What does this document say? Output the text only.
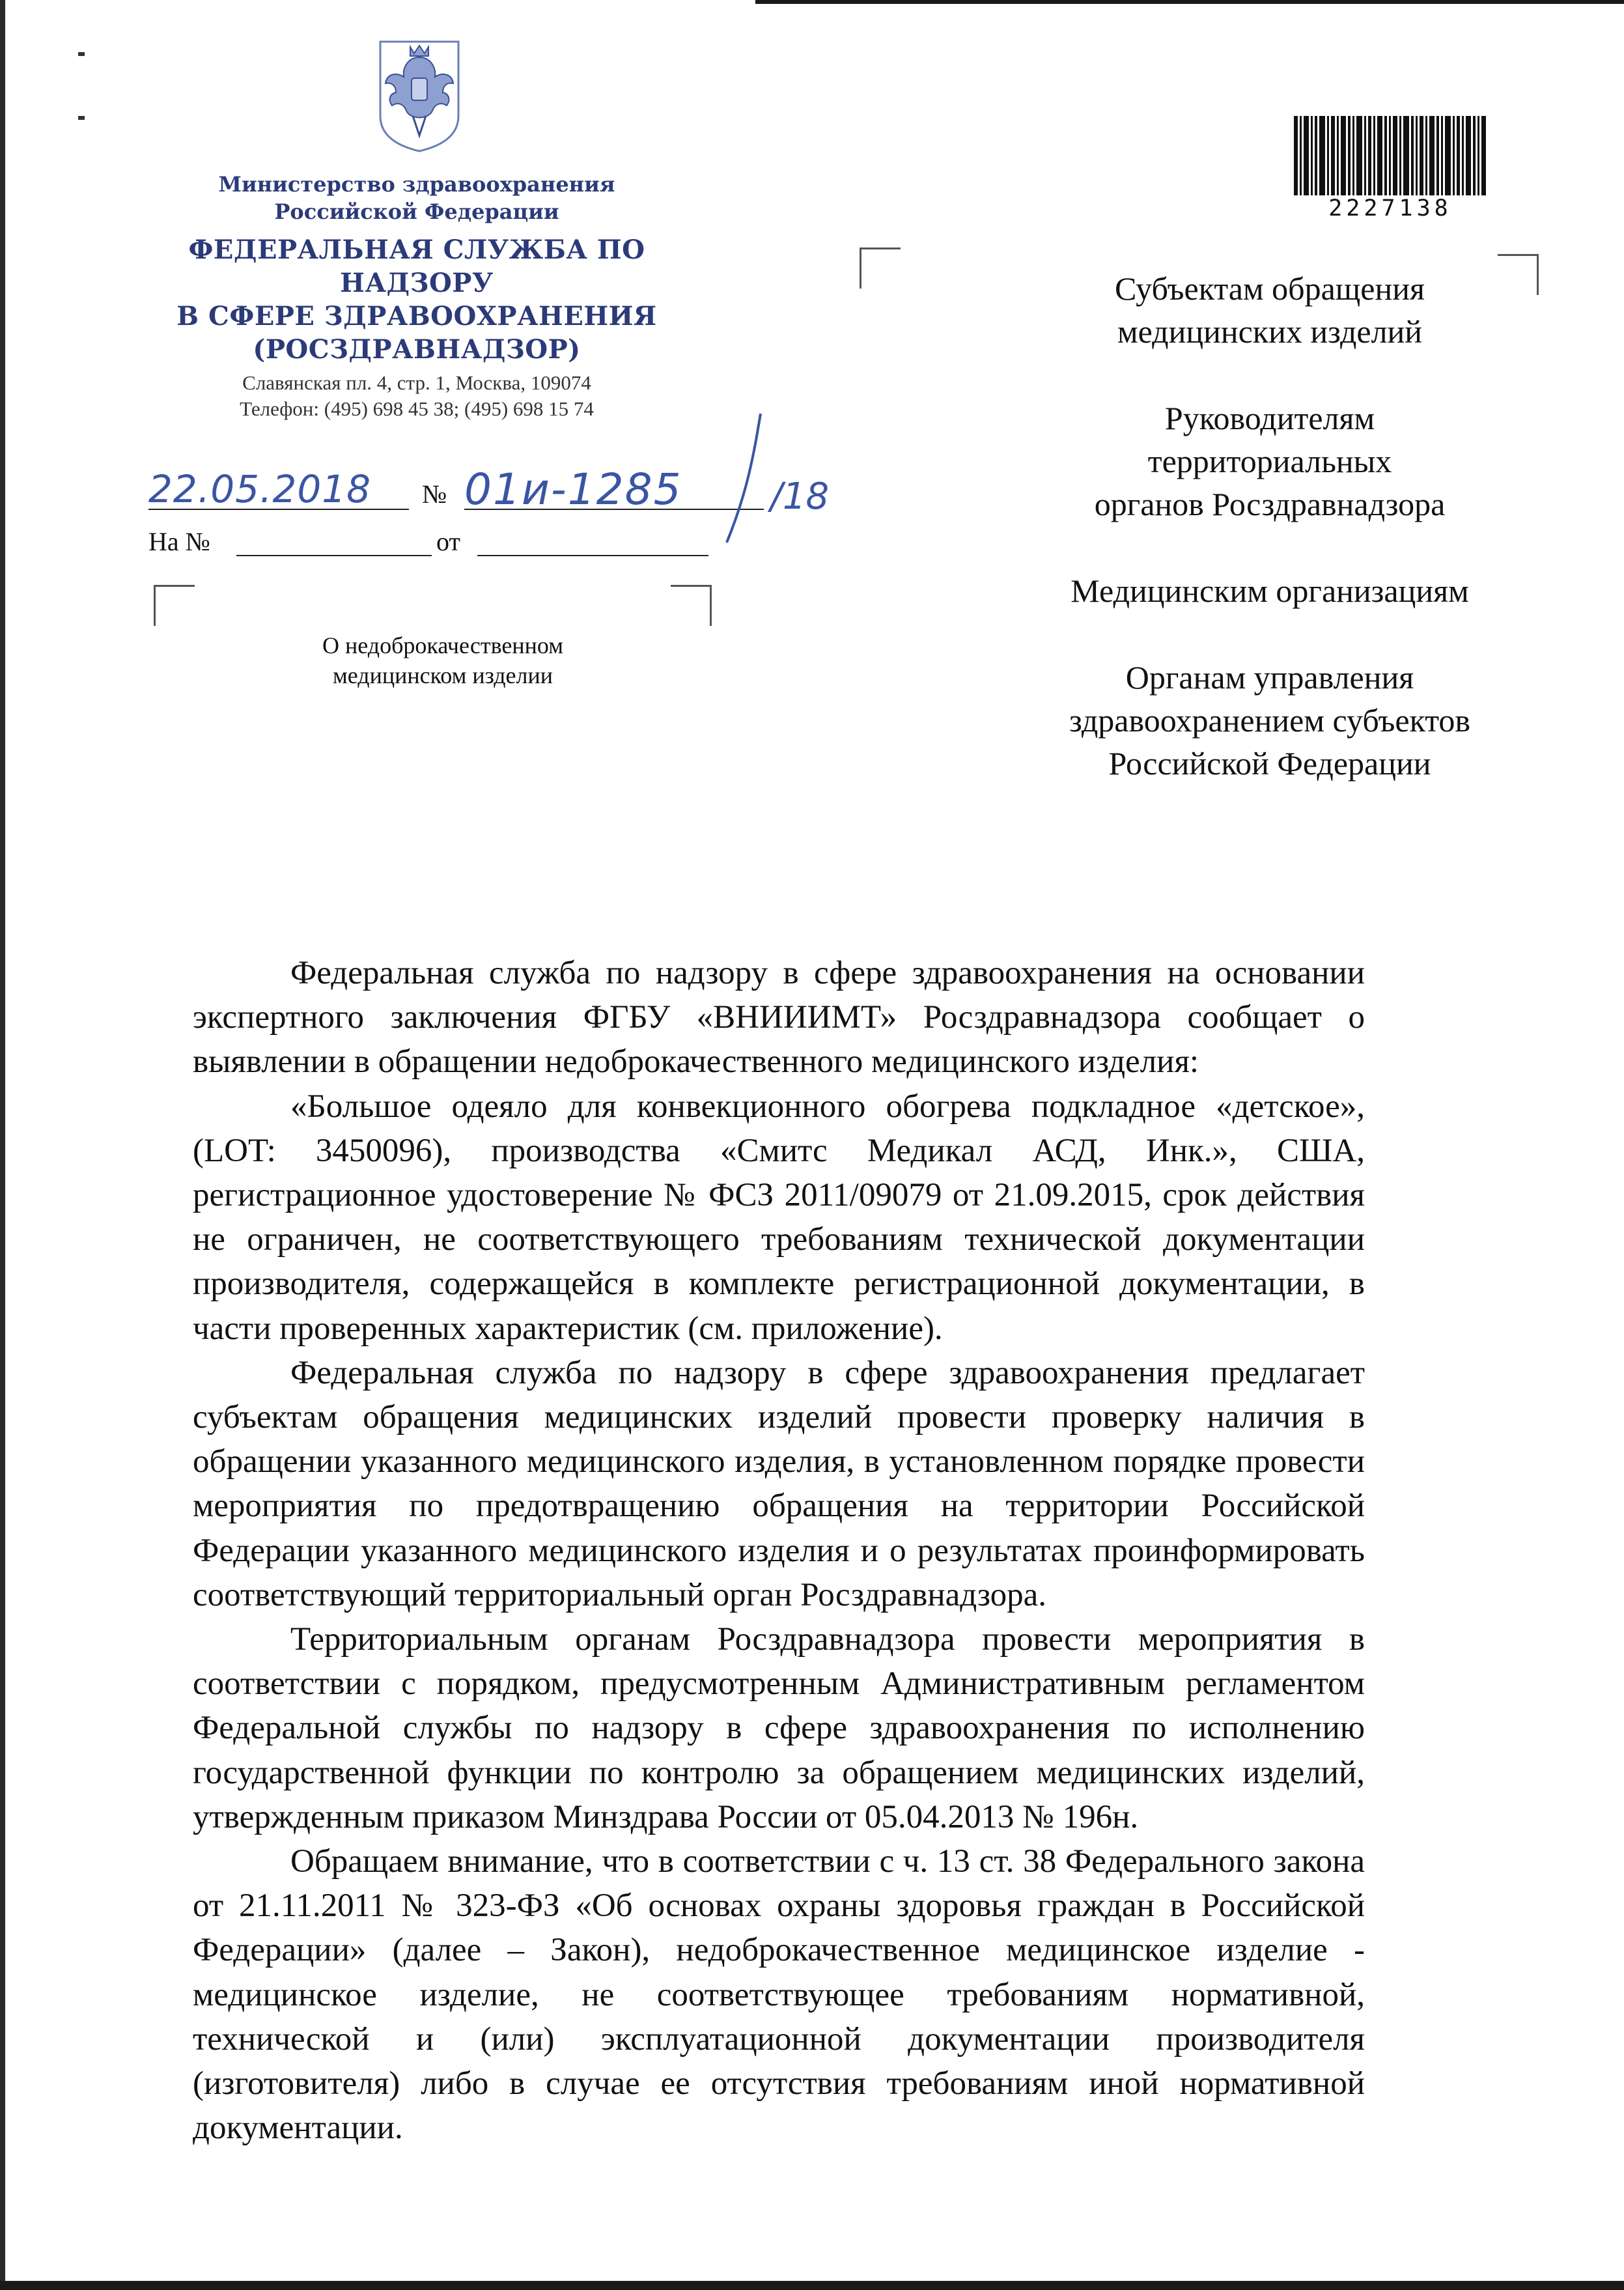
Министерство здравоохранения
Российской Федерации
ФЕДЕРАЛЬНАЯ СЛУЖБА ПО НАДЗОРУ
В СФЕРЕ ЗДРАВООХРАНЕНИЯ
(РОСЗДРАВНАДЗОР)
Славянская пл. 4, стр. 1, Москва, 109074
Телефон: (495) 698 45 38; (495) 698 15 74
22.05.2018 № 01и-1285 /18
На №	от
О недоброкачественном
медицинском изделии
2227138
Субъектам обращения
медицинских изделий
Руководителям
территориальных
органов Росздравнадзора
Медицинским организациям
Органам управления
здравоохранением субъектов
Российской Федерации

Федеральная служба по надзору в сфере здравоохранения на основании экспертного заключения ФГБУ «ВНИИИМТ» Росздравнадзора сообщает о выявлении в обращении недоброкачественного медицинского изделия:

«Большое одеяло для конвекционного обогрева подкладное «детское», (LOT: 3450096), производства «Смитс Медикал АСД, Инк.», США, регистрационное удостоверение № ФСЗ 2011/09079 от 21.09.2015, срок действия не ограничен, не соответствующего требованиям технической документации производителя, содержащейся в комплекте регистрационной документации, в части проверенных характеристик (см. приложение).

Федеральная служба по надзору в сфере здравоохранения предлагает субъектам обращения медицинских изделий провести проверку наличия в обращении указанного медицинского изделия, в установленном порядке провести мероприятия по предотвращению обращения на территории Российской Федерации указанного медицинского изделия и о результатах проинформировать соответствующий территориальный орган Росздравнадзора.

Территориальным органам Росздравнадзора провести мероприятия в соответствии с порядком, предусмотренным Административным регламентом Федеральной службы по надзору в сфере здравоохранения по исполнению государственной функции по контролю за обращением медицинских изделий, утвержденным приказом Минздрава России от 05.04.2013 № 196н.

Обращаем внимание, что в соответствии с ч. 13 ст. 38 Федерального закона от 21.11.2011 № 323-ФЗ «Об основах охраны здоровья граждан в Российской Федерации» (далее – Закон), недоброкачественное медицинское изделие - медицинское изделие, не соответствующее требованиям нормативной, технической и (или) эксплуатационной документации производителя (изготовителя) либо в случае ее отсутствия требованиям иной нормативной документации.
